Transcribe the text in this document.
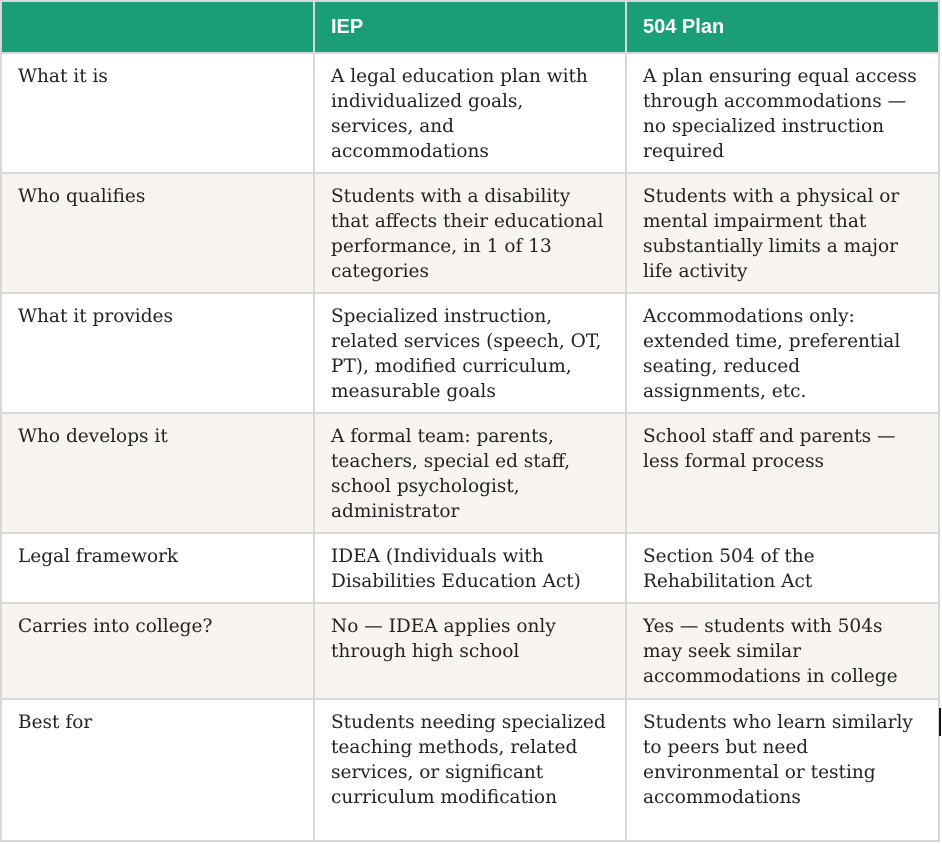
	IEP	504 Plan
What it is	A legal education plan with individualized goals, services, and accommodations	A plan ensuring equal access through accommodations — no specialized instruction required
Who qualifies	Students with a disability that affects their educational performance, in 1 of 13 categories	Students with a physical or mental impairment that substantially limits a major life activity
What it provides	Specialized instruction, related services (speech, OT, PT), modified curriculum, measurable goals	Accommodations only: extended time, preferential seating, reduced assignments, etc.
Who develops it	A formal team: parents, teachers, special ed staff, school psychologist, administrator	School staff and parents — less formal process
Legal framework	IDEA (Individuals with Disabilities Education Act)	Section 504 of the Rehabilitation Act
Carries into college?	No — IDEA applies only through high school	Yes — students with 504s may seek similar accommodations in college
Best for	Students needing specialized teaching methods, related services, or significant curriculum modification	Students who learn similarly to peers but need environmental or testing accommodations
